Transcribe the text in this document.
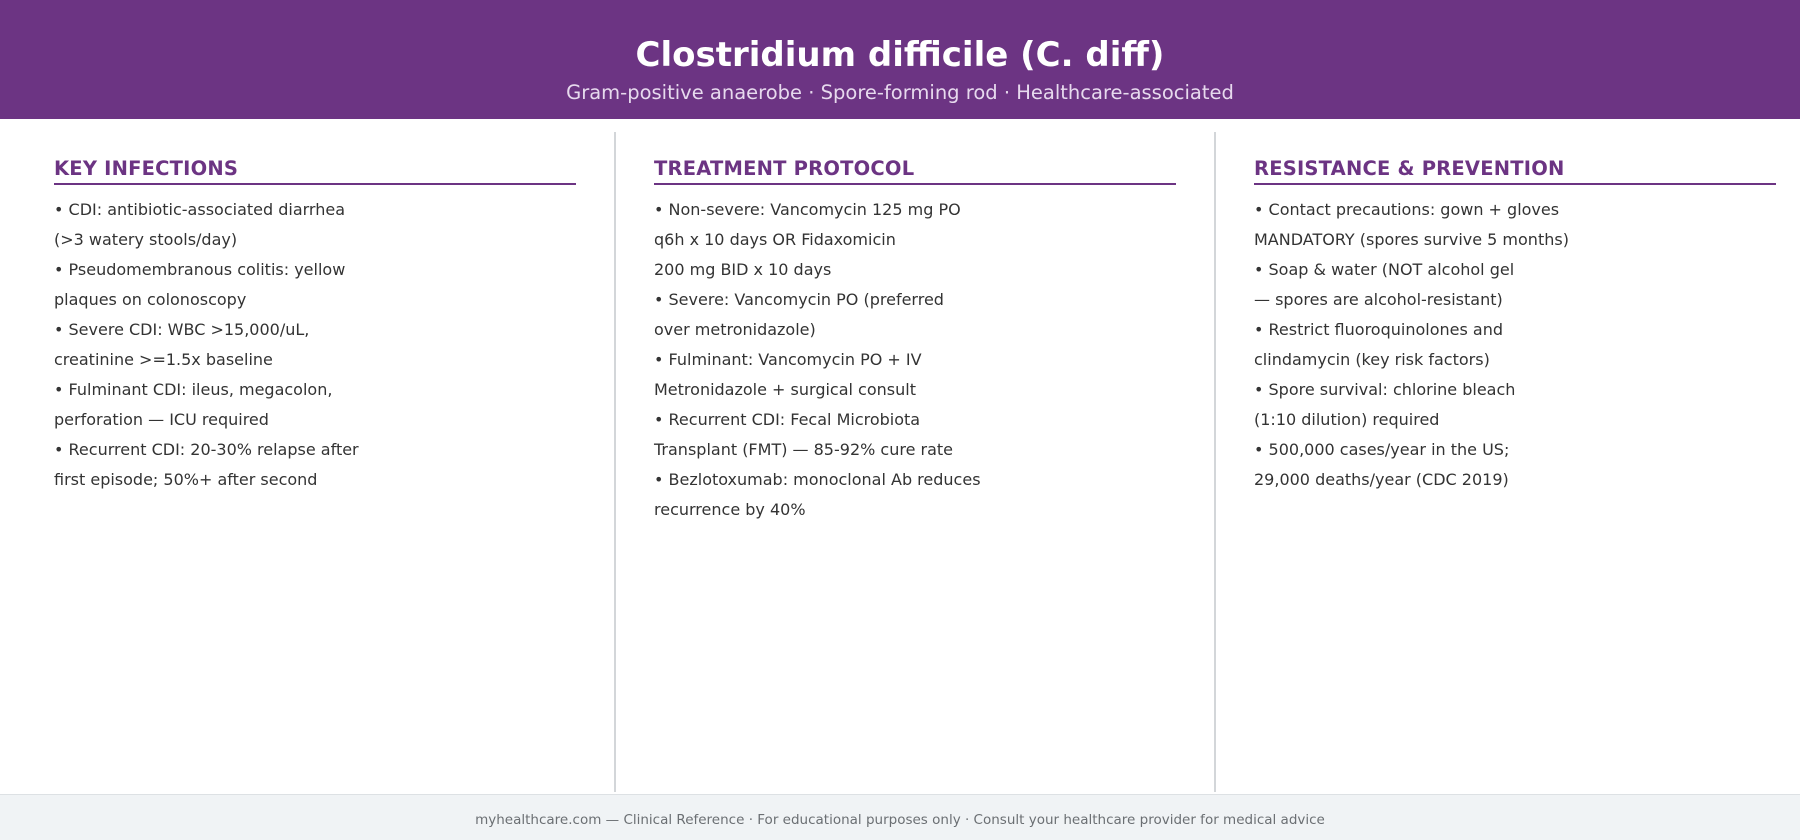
Clostridium difficile (C. diff)
Gram-positive anaerobe · Spore-forming rod · Healthcare-associated
KEY INFECTIONS
• CDI: antibiotic-associated diarrhea
(>3 watery stools/day)
• Pseudomembranous colitis: yellow
plaques on colonoscopy
• Severe CDI: WBC >15,000/uL,
creatinine >=1.5x baseline
• Fulminant CDI: ileus, megacolon,
perforation — ICU required
• Recurrent CDI: 20-30% relapse after
first episode; 50%+ after second
TREATMENT PROTOCOL
• Non-severe: Vancomycin 125 mg PO
q6h x 10 days OR Fidaxomicin
200 mg BID x 10 days
• Severe: Vancomycin PO (preferred
over metronidazole)
• Fulminant: Vancomycin PO + IV
Metronidazole + surgical consult
• Recurrent CDI: Fecal Microbiota
Transplant (FMT) — 85-92% cure rate
• Bezlotoxumab: monoclonal Ab reduces
recurrence by 40%
RESISTANCE & PREVENTION
• Contact precautions: gown + gloves
MANDATORY (spores survive 5 months)
• Soap & water (NOT alcohol gel
— spores are alcohol-resistant)
• Restrict fluoroquinolones and
clindamycin (key risk factors)
• Spore survival: chlorine bleach
(1:10 dilution) required
• 500,000 cases/year in the US;
29,000 deaths/year (CDC 2019)
myhealthcare.com — Clinical Reference · For educational purposes only · Consult your healthcare provider for medical advice
